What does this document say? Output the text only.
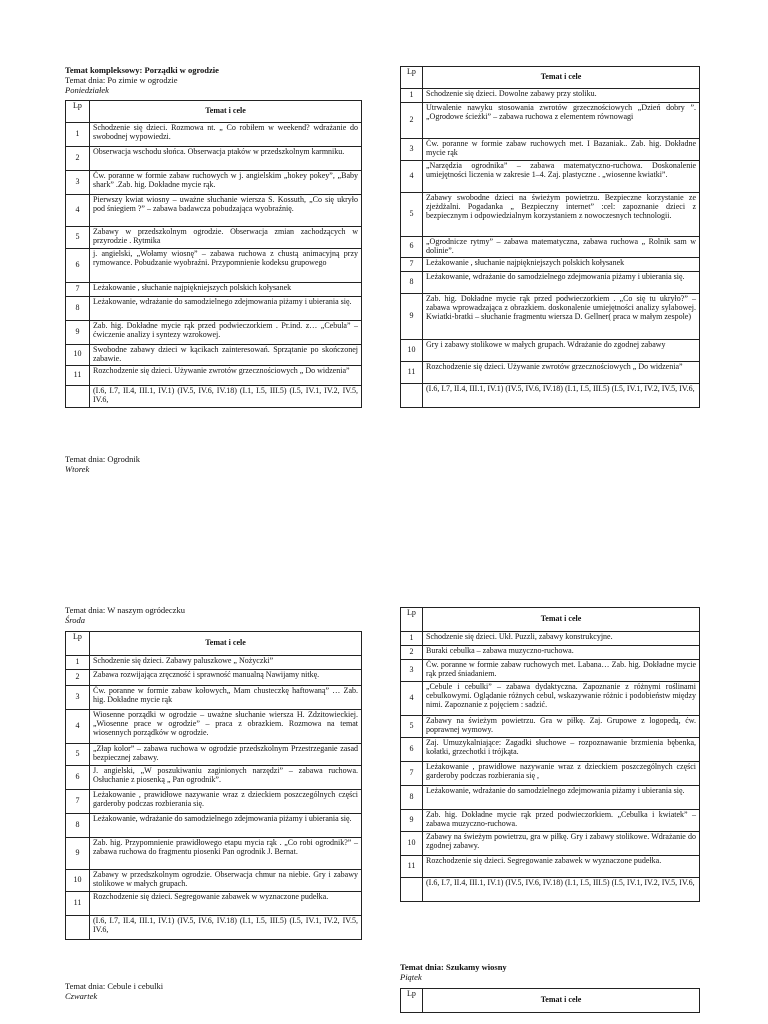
Temat kompleksowy: Porządki w ogrodzie
Temat dnia: Po zimie w ogrodzie
Poniedziałek
Lp	Temat i cele
1	Schodzenie się dzieci. Rozmowa nt. „ Co robiłem w weekend? wdrażanie do swobodnej wypowiedzi.
2	Obserwacja wschodu słońca. Obserwacja ptaków w przedszkolnym karmniku.
3	Ćw. poranne w formie zabaw ruchowych w j. angielskim „hokey pokey”, „Baby shark” .Zab. hig. Dokładne mycie rąk.
4	Pierwszy kwiat wiosny – uważne słuchanie wiersza S. Kossuth, „Co się ukryło pod śniegiem ?” – zabawa badawcza pobudzająca wyobraźnię.
5	Zabawy w przedszkolnym ogrodzie. Obserwacja zmian zachodzących w przyrodzie . Rytmika
6	j. angielski, „Wołamy wiosnę” – zabawa ruchowa z chustą animacyjną przy rymowance. Pobudzanie wyobraźni. Przypomnienie kodeksu grupowego
7	Leżakowanie , słuchanie najpiękniejszych polskich kołysanek
8	Leżakowanie, wdrażanie do samodzielnego zdejmowania piżamy i ubierania się.
9	Zab. hig. Dokładne mycie rąk przed podwieczorkiem . Pr.ind. z… „Cebula” – ćwiczenie analizy i syntezy wzrokowej.
10	Swobodne zabawy dzieci w kącikach zainteresowań. Sprzątanie po skończonej zabawie.
11	Rozchodzenie się dzieci. Używanie zwrotów grzecznościowych „ Do widzenia”
	(I.6, I.7, II.4, III.1, IV.1) (IV.5, IV.6, IV.18) (I.1, I.5, III.5) (I.5, IV.1, IV.2, IV.5, IV.6,
Lp	Temat i cele
1	Schodzenie się dzieci. Dowolne zabawy przy stoliku.
2	Utrwalenie nawyku stosowania zwrotów grzecznościowych „Dzień dobry ”. „Ogrodowe ścieżki” – zabawa ruchowa z elementem równowagi
3	Ćw. poranne w formie zabaw ruchowych met. I Bazaniak.. Zab. hig. Dokładne mycie rąk
4	„Narzędzia ogrodnika” – zabawa matematyczno-ruchowa. Doskonalenie umiejętności liczenia w zakresie 1–4. Zaj. plastyczne . „wiosenne kwiatki”.
5	Zabawy swobodne dzieci na świeżym powietrzu. Bezpieczne korzystanie ze zjeżdżalni. Pogadanka „ Bezpieczny internet” :cel: zapoznanie dzieci z bezpiecznym i odpowiedzialnym korzystaniem z nowoczesnych technologii.
6	„Ogrodnicze rytmy” – zabawa matematyczna, zabawa ruchowa „ Rolnik sam w dolinie”.
7	Leżakowanie , słuchanie najpiękniejszych polskich kołysanek
8	Leżakowanie, wdrażanie do samodzielnego zdejmowania piżamy i ubierania się.
9	Zab. hig. Dokładne mycie rąk przed podwieczorkiem . „Co się tu ukryło?” – zabawa wprowadzająca z obrazkiem. doskonalenie umiejętności analizy sylabowej. Kwiatki-bratki – słuchanie fragmentu wiersza D. Gellner( praca w małym zespole)
10	Gry i zabawy stolikowe w małych grupach. Wdrażanie do zgodnej zabawy
11	Rozchodzenie się dzieci. Używanie zwrotów grzecznościowych „ Do widzenia”
	(I.6, I.7, II.4, III.1, IV.1) (IV.5, IV.6, IV.18) (I.1, I.5, III.5) (I.5, IV.1, IV.2, IV.5, IV.6,
Temat dnia: Ogrodnik
Wtorek
Temat dnia: W naszym ogródeczku
Środa
Lp	Temat i cele
1	Schodzenie się dzieci. Zabawy paluszkowe „ Nożyczki”
2	Zabawa rozwijająca zręczność i sprawność manualną Nawijamy nitkę.
3	Ćw. poranne w formie zabaw kołowych„ Mam chusteczkę haftowaną” … Zab. hig. Dokładne mycie rąk
4	Wiosenne porządki w ogrodzie – uważne słuchanie wiersza H. Zdzitowieckiej. „Wiosenne prace w ogrodzie” – praca z obrazkiem. Rozmowa na temat wiosennych porządków w ogrodzie.
5	„Złap kolor” – zabawa ruchowa w ogrodzie przedszkolnym Przestrzeganie zasad bezpiecznej zabawy.
6	J. angielski, „W poszukiwaniu zaginionych narzędzi” – zabawa ruchowa. Osłuchanie z piosenką „ Pan ogrodnik”.
7	Leżakowanie , prawidłowe nazywanie wraz z dzieckiem poszczególnych części garderoby podczas rozbierania się.
8	Leżakowanie, wdrażanie do samodzielnego zdejmowania piżamy i ubierania się.
9	Zab. hig. Przypomnienie prawidłowego etapu mycia rąk . „Co robi ogrodnik?” – zabawa ruchowa do fragmentu piosenki Pan ogrodnik J. Bernat.
10	Zabawy w przedszkolnym ogrodzie. Obserwacja chmur na niebie. Gry i zabawy stolikowe w małych grupach.
11	Rozchodzenie się dzieci. Segregowanie zabawek w wyznaczone pudełka.
	(I.6, I.7, II.4, III.1, IV.1) (IV.5, IV.6, IV.18) (I.1, I.5, III.5) (I.5, IV.1, IV.2, IV.5, IV.6,
Lp	Temat i cele
1	Schodzenie się dzieci. Ukł. Puzzli, zabawy konstrukcyjne.
2	Buraki cebulka – zabawa muzyczno-ruchowa.
3	Ćw. poranne w formie zabaw ruchowych met. Labana… Zab. hig. Dokładne mycie rąk przed śniadaniem.
4	„Cebule i cebulki” – zabawa dydaktyczna. Zapoznanie z różnymi roślinami cebulkowymi. Oglądanie różnych cebul, wskazywanie różnic i podobieństw między nimi. Zapoznanie z pojęciem : sadzić.
5	Zabawy na świeżym powietrzu. Gra w piłkę. Zaj. Grupowe z logopedą, ćw. poprawnej wymowy.
6	Zaj. Umuzykalniające: Zagadki słuchowe – rozpoznawanie brzmienia bębenka, kołatki, grzechotki i trójkąta.
7	Leżakowanie , prawidłowe nazywanie wraz z dzieckiem poszczególnych części garderoby podczas rozbierania się ,
8	Leżakowanie, wdrażanie do samodzielnego zdejmowania piżamy i ubierania się.
9	Zab. hig. Dokładne mycie rąk przed podwieczorkiem. „Cebulka i kwiatek” – zabawa muzyczno-ruchowa.
10	Zabawy na świeżym powietrzu, gra w piłkę. Gry i zabawy stolikowe. Wdrażanie do zgodnej zabawy.
11	Rozchodzenie się dzieci. Segregowanie zabawek w wyznaczone pudełka.
	(I.6, I.7, II.4, III.1, IV.1) (IV.5, IV.6, IV.18) (I.1, I.5, III.5) (I.5, IV.1, IV.2, IV.5, IV.6,
Temat dnia: Cebule i cebulki
Czwartek
Temat dnia: Szukamy wiosny
Piątek
Lp	Temat i cele
